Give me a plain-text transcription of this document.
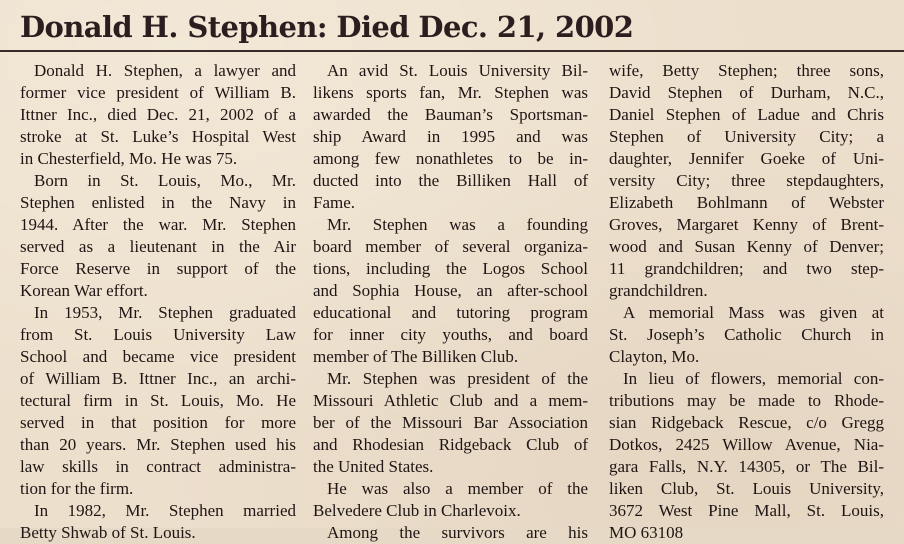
Donald H. Stephen: Died Dec. 21, 2002
Donald H. Stephen, a lawyer and
former vice president of William B.
Ittner Inc., died Dec. 21, 2002 of a
stroke at St. Luke’s Hospital West
in Chesterfield, Mo. He was 75.
Born in St. Louis, Mo., Mr.
Stephen enlisted in the Navy in
1944. After the war. Mr. Stephen
served as a lieutenant in the Air
Force Reserve in support of the
Korean War effort.
In 1953, Mr. Stephen graduated
from St. Louis University Law
School and became vice president
of William B. Ittner Inc., an archi-
tectural firm in St. Louis, Mo. He
served in that position for more
than 20 years. Mr. Stephen used his
law skills in contract administra-
tion for the firm.
In 1982, Mr. Stephen married
Betty Shwab of St. Louis.
An avid St. Louis University Bil-
likens sports fan, Mr. Stephen was
awarded the Bauman’s Sportsman-
ship Award in 1995 and was
among few nonathletes to be in-
ducted into the Billiken Hall of
Fame.
Mr. Stephen was a founding
board member of several organiza-
tions, including the Logos School
and Sophia House, an after-school
educational and tutoring program
for inner city youths, and board
member of The Billiken Club.
Mr. Stephen was president of the
Missouri Athletic Club and a mem-
ber of the Missouri Bar Association
and Rhodesian Ridgeback Club of
the United States.
He was also a member of the
Belvedere Club in Charlevoix.
Among the survivors are his
wife, Betty Stephen; three sons,
David Stephen of Durham, N.C.,
Daniel Stephen of Ladue and Chris
Stephen of University City; a
daughter, Jennifer Goeke of Uni-
versity City; three stepdaughters,
Elizabeth Bohlmann of Webster
Groves, Margaret Kenny of Brent-
wood and Susan Kenny of Denver;
11 grandchildren; and two step-
grandchildren.
A memorial Mass was given at
St. Joseph’s Catholic Church in
Clayton, Mo.
In lieu of flowers, memorial con-
tributions may be made to Rhode-
sian Ridgeback Rescue, c/o Gregg
Dotkos, 2425 Willow Avenue, Nia-
gara Falls, N.Y. 14305, or The Bil-
liken Club, St. Louis University,
3672 West Pine Mall, St. Louis,
MO 63108
